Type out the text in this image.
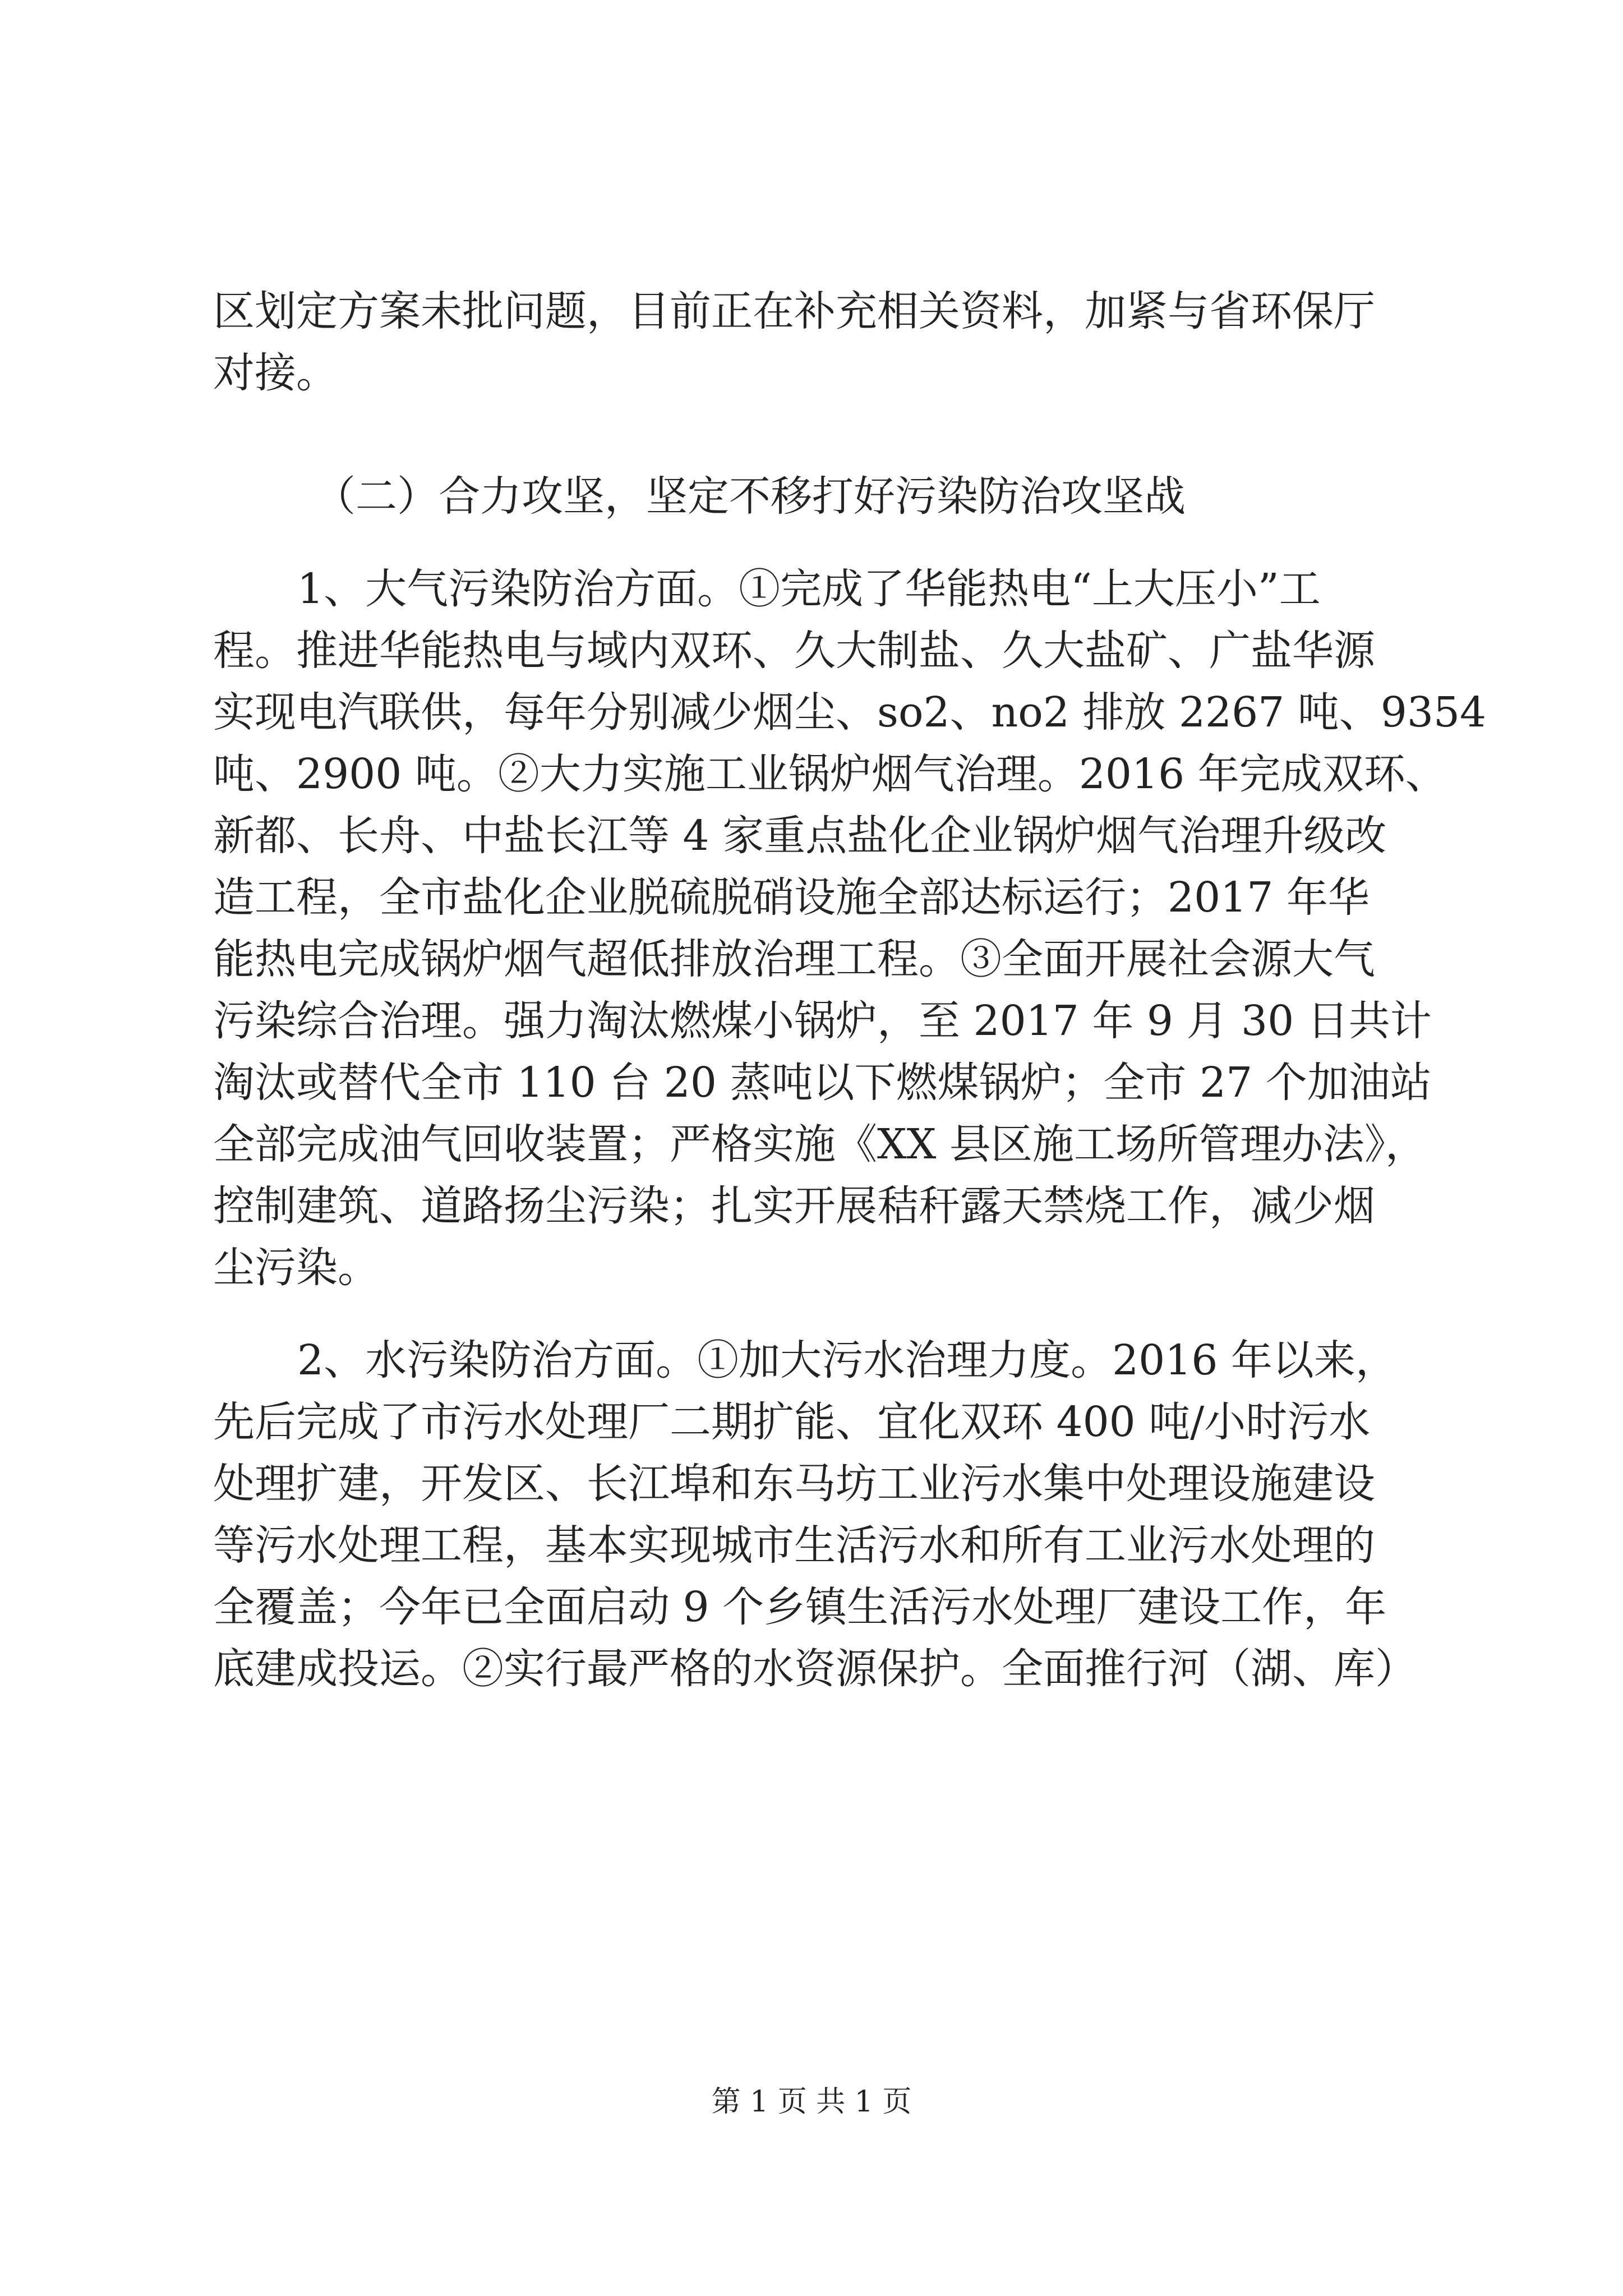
区划定方案未批问题，目前正在补充相关资料，加紧与省环保厅
对接。
（二）合力攻坚，坚定不移打好污染防治攻坚战
1、大气污染防治方面。①完成了华能热电“上大压小”工
程。推进华能热电与域内双环、久大制盐、久大盐矿、广盐华源
实现电汽联供，每年分别减少烟尘、so2、no2 排放 2267 吨、9354
吨、2900 吨。②大力实施工业锅炉烟气治理。2016 年完成双环、
新都、长舟、中盐长江等 4 家重点盐化企业锅炉烟气治理升级改
造工程，全市盐化企业脱硫脱硝设施全部达标运行；2017 年华
能热电完成锅炉烟气超低排放治理工程。③全面开展社会源大气
污染综合治理。强力淘汰燃煤小锅炉，至 2017 年 9 月 30 日共计
淘汰或替代全市 110 台 20 蒸吨以下燃煤锅炉；全市 27 个加油站
全部完成油气回收装置；严格实施《XX 县区施工场所管理办法》，
控制建筑、道路扬尘污染；扎实开展秸秆露天禁烧工作，减少烟
尘污染。
2、水污染防治方面。①加大污水治理力度。2016 年以来，
先后完成了市污水处理厂二期扩能、宜化双环 400 吨/小时污水
处理扩建，开发区、长江埠和东马坊工业污水集中处理设施建设
等污水处理工程，基本实现城市生活污水和所有工业污水处理的
全覆盖；今年已全面启动 9 个乡镇生活污水处理厂建设工作，年
底建成投运。②实行最严格的水资源保护。全面推行河（湖、库）
第 1 页 共 1 页
